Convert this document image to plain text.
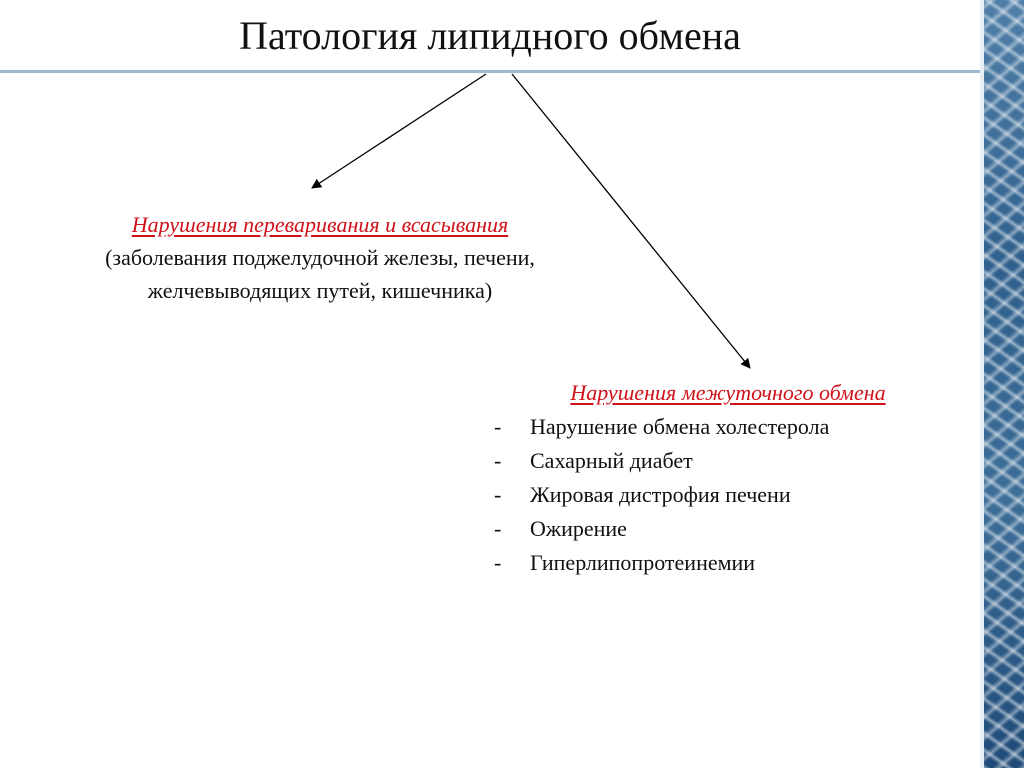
Патология липидного обмена
Нарушения переваривания и всасывания
(заболевания поджелудочной железы, печени,
желчевыводящих путей, кишечника)
Нарушения межуточного обмена
- Нарушение обмена холестерола
- Сахарный диабет
- Жировая дистрофия печени
- Ожирение
- Гиперлипопротеинемии
